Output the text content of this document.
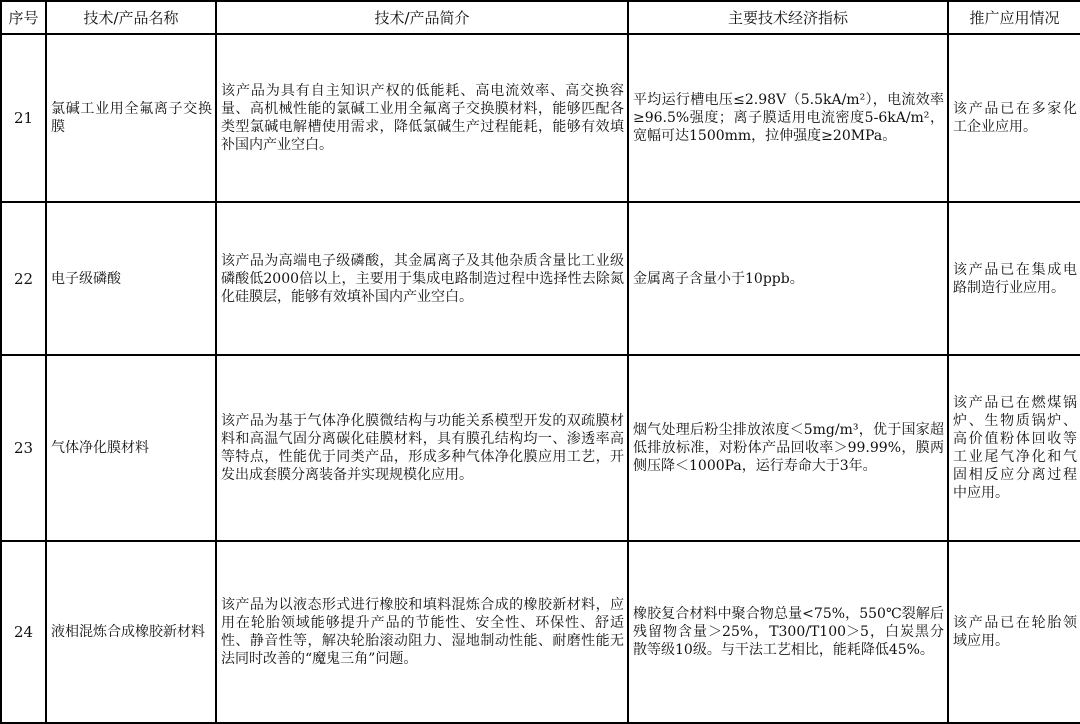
序号	技术/产品名称	技术/产品简介	主要技术经济指标	推广应用情况
21	氯碱工业用全氟离子交换膜	该产品为具有自主知识产权的低能耗、高电流效率、高交换容量、高机械性能的氯碱工业用全氟离子交换膜材料，能够匹配各类型氯碱电解槽使用需求，降低氯碱生产过程能耗，能够有效填补国内产业空白。	平均运行槽电压≤2.98V（5.5kA/m²），电流效率≥96.5%强度；离子膜适用电流密度5-6kA/m²，宽幅可达1500mm，拉伸强度≥20MPa。	该产品已在多家化工企业应用。

22	电子级磷酸	该产品为高端电子级磷酸，其金属离子及其他杂质含量比工业级磷酸低2000倍以上，主要用于集成电路制造过程中选择性去除氮化硅膜层，能够有效填补国内产业空白。	金属离子含量小于10ppb。	该产品已在集成电路制造行业应用。

23	气体净化膜材料	该产品为基于气体净化膜微结构与功能关系模型开发的双疏膜材料和高温气固分离碳化硅膜材料，具有膜孔结构均一、渗透率高等特点，性能优于同类产品，形成多种气体净化膜应用工艺，开发出成套膜分离装备并实现规模化应用。	烟气处理后粉尘排放浓度＜5mg/m³，优于国家超低排放标准，对粉体产品回收率＞99.99%，膜两侧压降＜1000Pa，运行寿命大于3年。	该产品已在燃煤锅炉、生物质锅炉、高价值粉体回收等工业尾气净化和气固相反应分离过程中应用。

24	液相混炼合成橡胶新材料	该产品为以液态形式进行橡胶和填料混炼合成的橡胶新材料，应用在轮胎领域能够提升产品的节能性、安全性、环保性、舒适性、静音性等，解决轮胎滚动阻力、湿地制动性能、耐磨性能无法同时改善的“魔鬼三角”问题。	橡胶复合材料中聚合物总量<75%，550℃裂解后残留物含量＞25%，T300/T100＞5，白炭黑分散等级10级。与干法工艺相比，能耗降低45%。	该产品已在轮胎领域应用。
